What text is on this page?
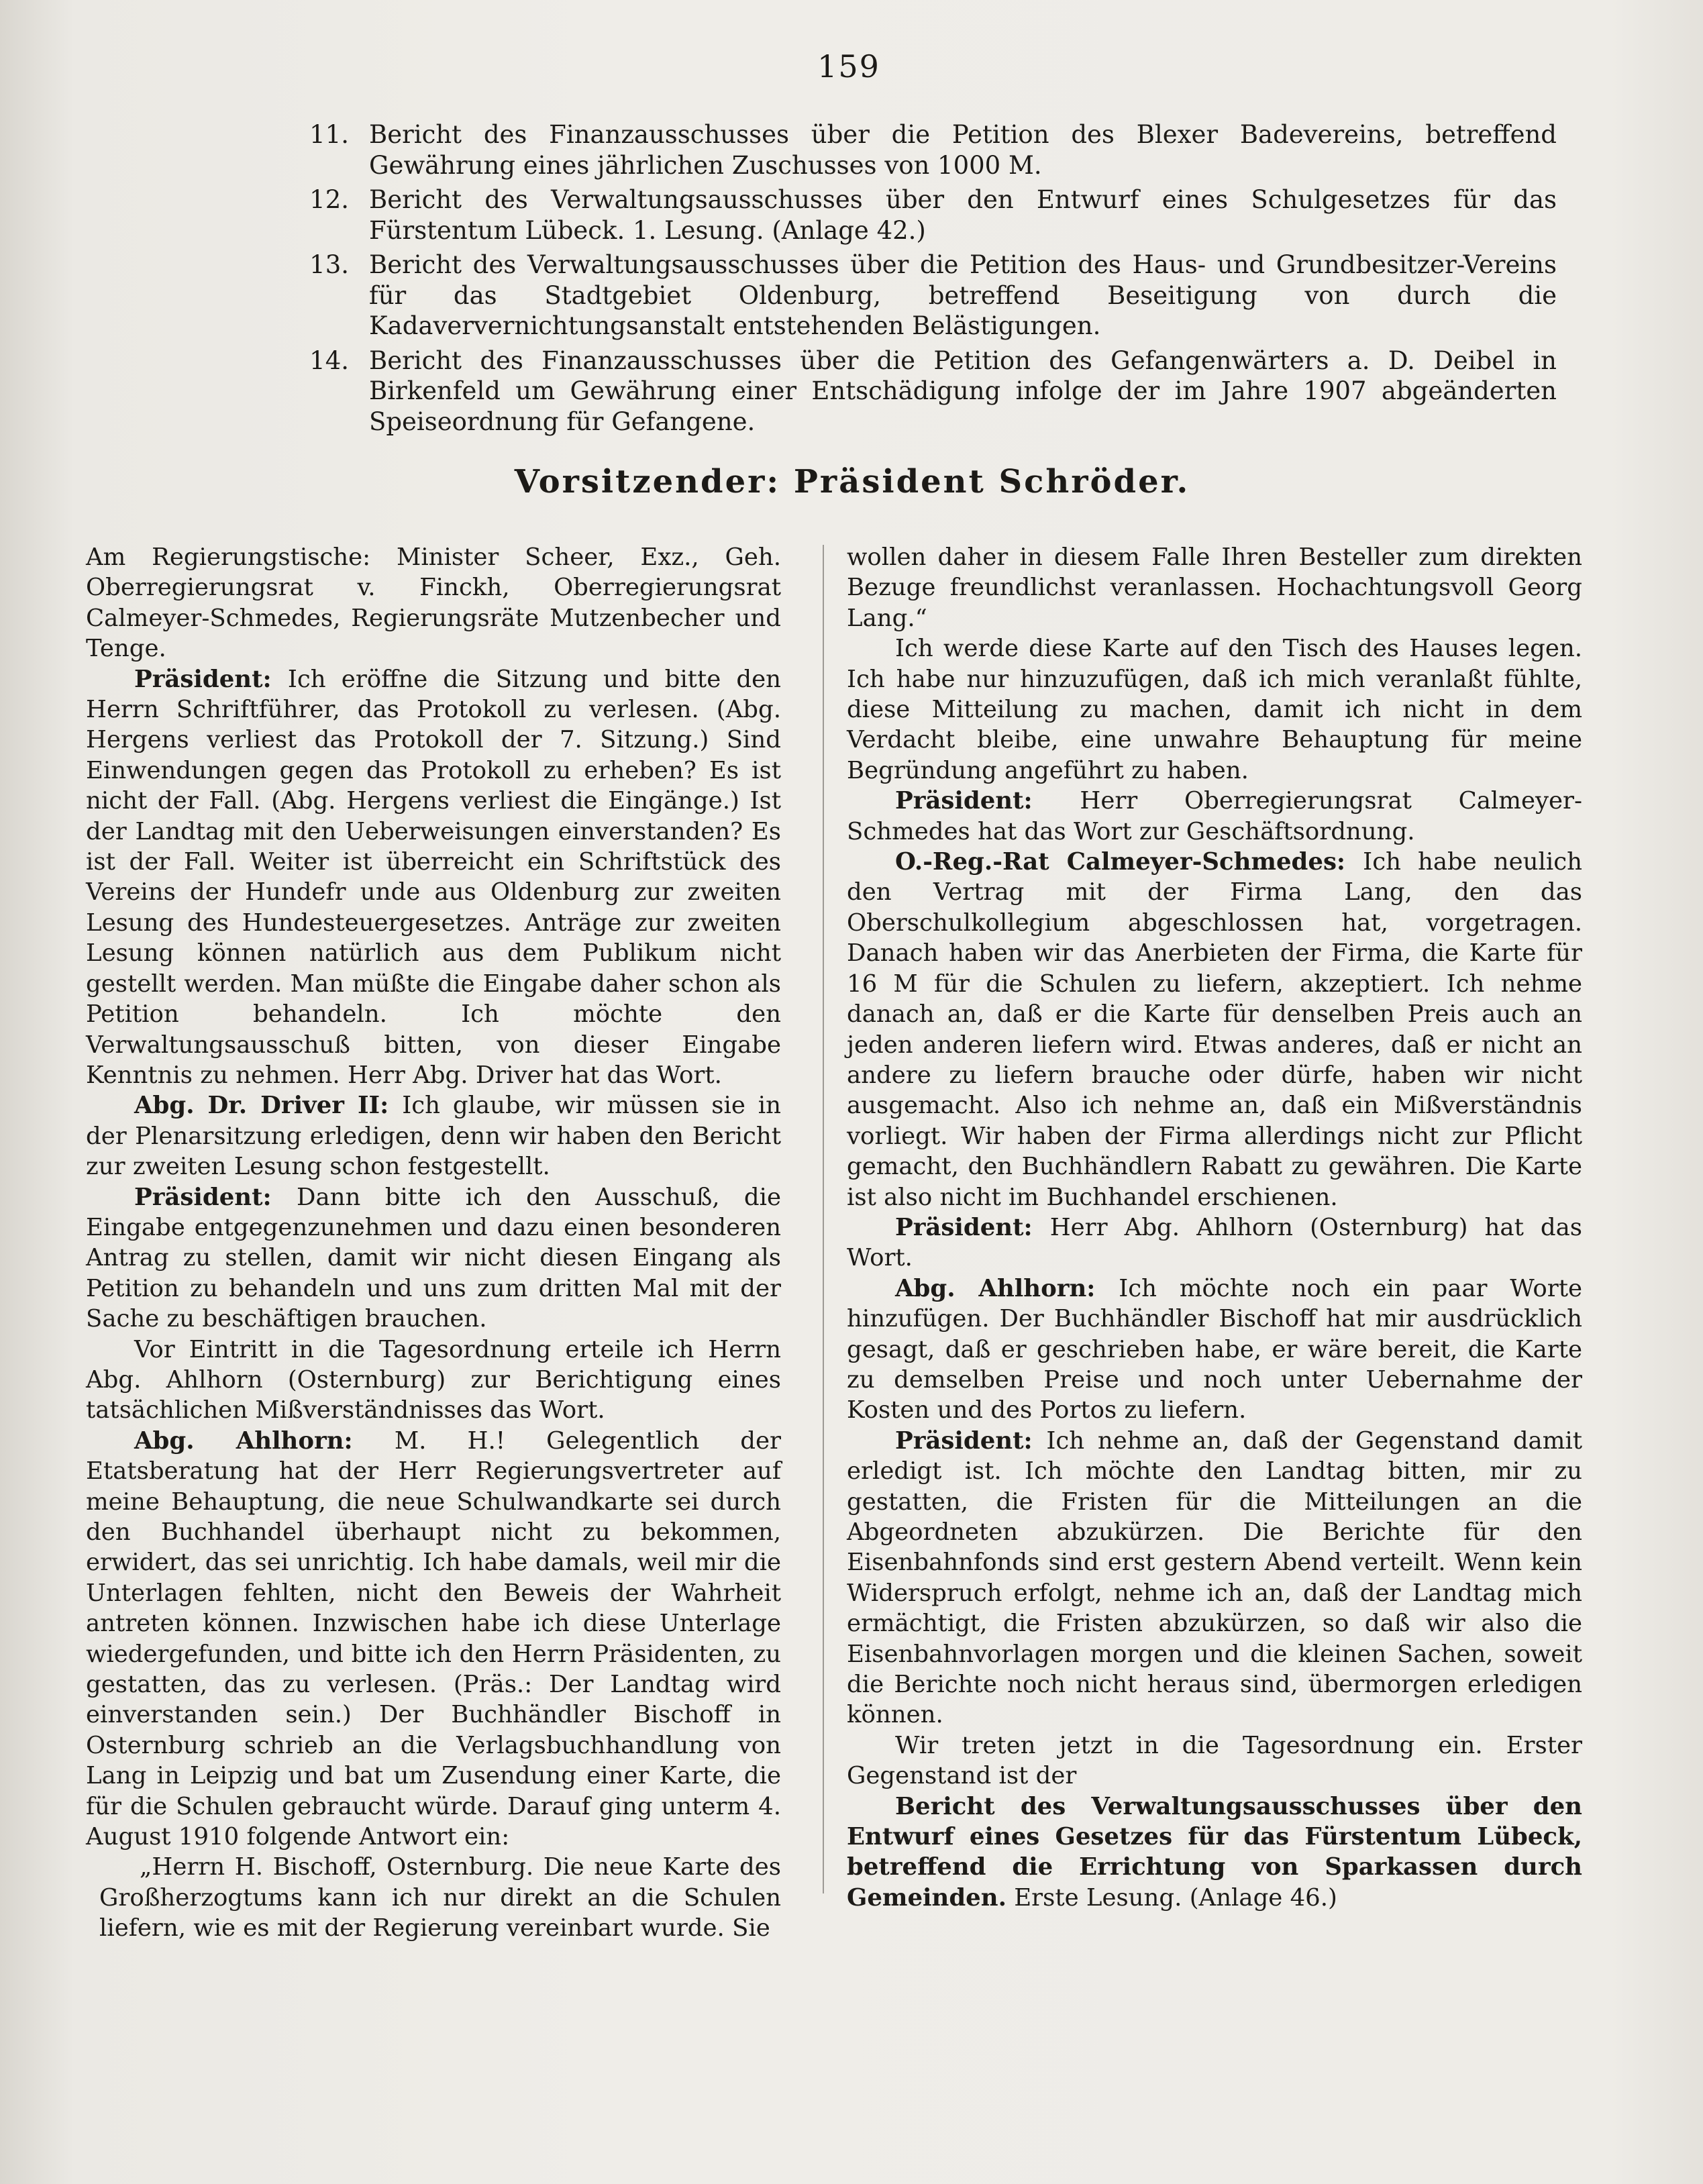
159
11. Bericht des Finanzausschusses über die Petition des Blexer Badevereins, betreffend Gewährung eines jährlichen Zuschusses von 1000 M.
12. Bericht des Verwaltungsausschusses über den Entwurf eines Schulgesetzes für das Fürstentum Lübeck. 1. Lesung. (Anlage 42.)
13. Bericht des Verwaltungsausschusses über die Petition des Haus- und Grundbesitzer-Vereins für das Stadtgebiet Oldenburg, betreffend Beseitigung von durch die Kadaververnichtungsanstalt entstehenden Belästigungen.
14. Bericht des Finanzausschusses über die Petition des Gefangenwärters a. D. Deibel in Birkenfeld um Gewährung einer Entschädigung infolge der im Jahre 1907 abgeänderten Speiseordnung für Gefangene.
Vorsitzender: Präsident Schröder.

Am Regierungstische: Minister Scheer, Exz., Geh. Oberregierungsrat v. Finckh, Oberregierungsrat Calmeyer-Schmedes, Regierungsräte Mutzenbecher und Tenge.

Präsident: Ich eröffne die Sitzung und bitte den Herrn Schriftführer, das Protokoll zu verlesen. (Abg. Hergens verliest das Protokoll der 7. Sitzung.) Sind Einwendungen gegen das Protokoll zu erheben? Es ist nicht der Fall. (Abg. Hergens verliest die Eingänge.) Ist der Landtag mit den Ueberweisungen einverstanden? Es ist der Fall. Weiter ist überreicht ein Schriftstück des Vereins der Hundefr unde aus Oldenburg zur zweiten Lesung des Hundesteuergesetzes. Anträge zur zweiten Lesung können natürlich aus dem Publikum nicht gestellt werden. Man müßte die Eingabe daher schon als Petition behandeln. Ich möchte den Verwaltungsausschuß bitten, von dieser Eingabe Kenntnis zu nehmen. Herr Abg. Driver hat das Wort.

Abg. Dr. Driver II: Ich glaube, wir müssen sie in der Plenarsitzung erledigen, denn wir haben den Bericht zur zweiten Lesung schon festgestellt.

Präsident: Dann bitte ich den Ausschuß, die Eingabe entgegenzunehmen und dazu einen besonderen Antrag zu stellen, damit wir nicht diesen Eingang als Petition zu behandeln und uns zum dritten Mal mit der Sache zu beschäftigen brauchen.

Vor Eintritt in die Tagesordnung erteile ich Herrn Abg. Ahlhorn (Osternburg) zur Berichtigung eines tatsächlichen Mißverständnisses das Wort.

Abg. Ahlhorn: M. H.! Gelegentlich der Etatsberatung hat der Herr Regierungsvertreter auf meine Behauptung, die neue Schulwandkarte sei durch den Buchhandel überhaupt nicht zu bekommen, erwidert, das sei unrichtig. Ich habe damals, weil mir die Unterlagen fehlten, nicht den Beweis der Wahrheit antreten können. Inzwischen habe ich diese Unterlage wiedergefunden, und bitte ich den Herrn Präsidenten, zu gestatten, das zu verlesen. (Präs.: Der Landtag wird einverstanden sein.) Der Buchhändler Bischoff in Osternburg schrieb an die Verlagsbuchhandlung von Lang in Leipzig und bat um Zusendung einer Karte, die für die Schulen gebraucht würde. Darauf ging unterm 4. August 1910 folgende Antwort ein:

„Herrn H. Bischoff, Osternburg. Die neue Karte des Großherzogtums kann ich nur direkt an die Schulen liefern, wie es mit der Regierung vereinbart wurde. Sie

wollen daher in diesem Falle Ihren Besteller zum direkten Bezuge freundlichst veranlassen. Hochachtungsvoll Georg Lang.“

Ich werde diese Karte auf den Tisch des Hauses legen. Ich habe nur hinzuzufügen, daß ich mich veranlaßt fühlte, diese Mitteilung zu machen, damit ich nicht in dem Verdacht bleibe, eine unwahre Behauptung für meine Begründung angeführt zu haben.

Präsident: Herr Oberregierungsrat Calmeyer-Schmedes hat das Wort zur Geschäftsordnung.

O.-Reg.-Rat Calmeyer-Schmedes: Ich habe neulich den Vertrag mit der Firma Lang, den das Oberschulkollegium abgeschlossen hat, vorgetragen. Danach haben wir das Anerbieten der Firma, die Karte für 16 M für die Schulen zu liefern, akzeptiert. Ich nehme danach an, daß er die Karte für denselben Preis auch an jeden anderen liefern wird. Etwas anderes, daß er nicht an andere zu liefern brauche oder dürfe, haben wir nicht ausgemacht. Also ich nehme an, daß ein Mißverständnis vorliegt. Wir haben der Firma allerdings nicht zur Pflicht gemacht, den Buchhändlern Rabatt zu gewähren. Die Karte ist also nicht im Buchhandel erschienen.

Präsident: Herr Abg. Ahlhorn (Osternburg) hat das Wort.

Abg. Ahlhorn: Ich möchte noch ein paar Worte hinzufügen. Der Buchhändler Bischoff hat mir ausdrücklich gesagt, daß er geschrieben habe, er wäre bereit, die Karte zu demselben Preise und noch unter Uebernahme der Kosten und des Portos zu liefern.

Präsident: Ich nehme an, daß der Gegenstand damit erledigt ist. Ich möchte den Landtag bitten, mir zu gestatten, die Fristen für die Mitteilungen an die Abgeordneten abzukürzen. Die Berichte für den Eisenbahnfonds sind erst gestern Abend verteilt. Wenn kein Widerspruch erfolgt, nehme ich an, daß der Landtag mich ermächtigt, die Fristen abzukürzen, so daß wir also die Eisenbahnvorlagen morgen und die kleinen Sachen, soweit die Berichte noch nicht heraus sind, übermorgen erledigen können.

Wir treten jetzt in die Tagesordnung ein. Erster Gegenstand ist der

Bericht des Verwaltungsausschusses über den Entwurf eines Gesetzes für das Fürstentum Lübeck, betreffend die Errichtung von Sparkassen durch Gemeinden. Erste Lesung. (Anlage 46.)
